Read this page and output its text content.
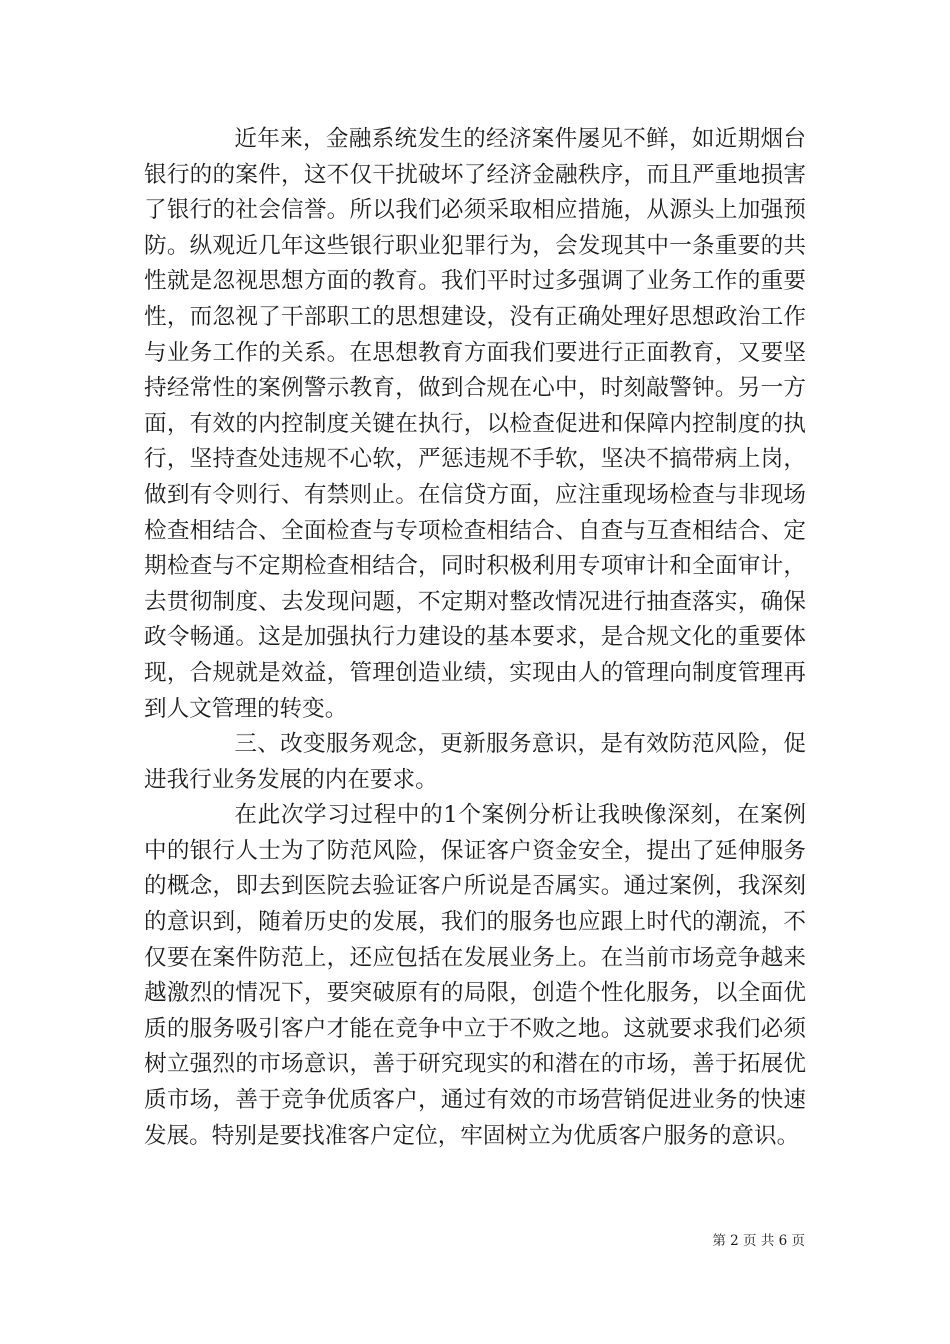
近年来，金融系统发生的经济案件屡见不鲜，如近期烟台银行的的案件，这不仅干扰破坏了经济金融秩序，而且严重地损害了银行的社会信誉。所以我们必须采取相应措施，从源头上加强预防。纵观近几年这些银行职业犯罪行为，会发现其中一条重要的共性就是忽视思想方面的教育。我们平时过多强调了业务工作的重要性，而忽视了干部职工的思想建设，没有正确处理好思想政治工作与业务工作的关系。在思想教育方面我们要进行正面教育，又要坚持经常性的案例警示教育，做到合规在心中，时刻敲警钟。另一方面，有效的内控制度关键在执行，以检查促进和保障内控制度的执行，坚持查处违规不心软，严惩违规不手软，坚决不搞带病上岗，做到有令则行、有禁则止。在信贷方面，应注重现场检查与非现场检查相结合、全面检查与专项检查相结合、自查与互查相结合、定期检查与不定期检查相结合，同时积极利用专项审计和全面审计，去贯彻制度、去发现问题，不定期对整改情况进行抽查落实，确保政令畅通。这是加强执行力建设的基本要求，是合规文化的重要体现，合规就是效益，管理创造业绩，实现由人的管理向制度管理再到人文管理的转变。

三、改变服务观念，更新服务意识，是有效防范风险，促进我行业务发展的内在要求。

在此次学习过程中的1个案例分析让我映像深刻，在案例中的银行人士为了防范风险，保证客户资金安全，提出了延伸服务的概念，即去到医院去验证客户所说是否属实。通过案例，我深刻的意识到，随着历史的发展，我们的服务也应跟上时代的潮流，不仅要在案件防范上，还应包括在发展业务上。在当前市场竞争越来越激烈的情况下，要突破原有的局限，创造个性化服务，以全面优质的服务吸引客户才能在竞争中立于不败之地。这就要求我们必须树立强烈的市场意识，善于研究现实的和潜在的市场，善于拓展优质市场，善于竞争优质客户，通过有效的市场营销促进业务的快速发展。特别是要找准客户定位，牢固树立为优质客户服务的意识。

第 2 页 共 6 页
